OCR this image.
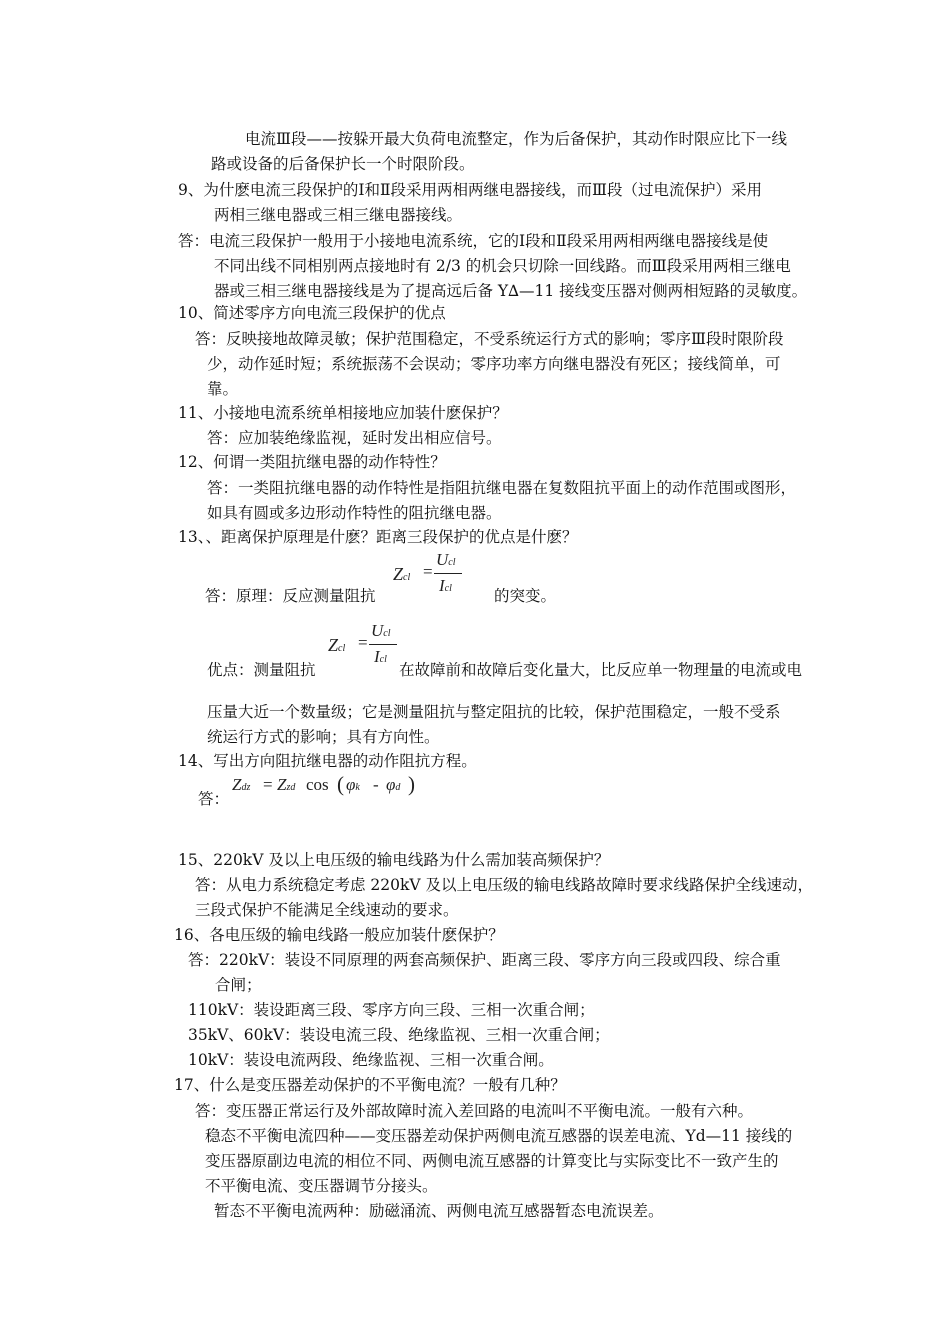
电流Ⅲ段——按躲开最大负荷电流整定，作为后备保护，其动作时限应比下一线
路或设备的后备保护长一个时限阶段。
9、为什麽电流三段保护的Ⅰ和Ⅱ段采用两相两继电器接线，而Ⅲ段（过电流保护）采用
两相三继电器或三相三继电器接线。
答：电流三段保护一般用于小接地电流系统，它的Ⅰ段和Ⅱ段采用两相两继电器接线是使
不同出线不同相别两点接地时有 2/3 的机会只切除一回线路。而Ⅲ段采用两相三继电
器或三相三继电器接线是为了提高远后备 Y∆—11 接线变压器对侧两相短路的灵敏度。
10、简述零序方向电流三段保护的优点
答：反映接地故障灵敏；保护范围稳定，不受系统运行方式的影响；零序Ⅲ段时限阶段
少，动作延时短；系统振荡不会误动；零序功率方向继电器没有死区；接线简单，可
靠。
11、小接地电流系统单相接地应加装什麽保护？
答：应加装绝缘监视，延时发出相应信号。
12、何谓一类阻抗继电器的动作特性？
答：一类阻抗继电器的动作特性是指阻抗继电器在复数阻抗平面上的动作范围或图形，
如具有圆或多边形动作特性的阻抗继电器。
13、、距离保护原理是什麽？距离三段保护的优点是什麽？
答：原理：反应测量阻抗
Zcl =
Ucl
Icl	的突变。
优点：测量阻抗
Zcl =
Ucl
Icl
在故障前和故障后变化量大，比反应单一物理量的电流或电
压量大近一个数量级；它是测量阻抗与整定阻抗的比较，保护范围稳定，一般不受系
统运行方式的影响；具有方向性。
14、写出方向阻抗继电器的动作阻抗方程。
答：
Zdz = Zzd cos ( φk - φd )
15、220kV 及以上电压级的输电线路为什么需加装高频保护？
答：从电力系统稳定考虑 220kV 及以上电压级的输电线路故障时要求线路保护全线速动，
三段式保护不能满足全线速动的要求。
16、各电压级的输电线路一般应加装什麽保护？
答：220kV：装设不同原理的两套高频保护、距离三段、零序方向三段或四段、综合重
合闸；
110kV：装设距离三段、零序方向三段、三相一次重合闸；
35kV、60kV：装设电流三段、绝缘监视、三相一次重合闸；
10kV：装设电流两段、绝缘监视、三相一次重合闸。
17、什么是变压器差动保护的不平衡电流？一般有几种？
答：变压器正常运行及外部故障时流入差回路的电流叫不平衡电流。一般有六种。
稳态不平衡电流四种——变压器差动保护两侧电流互感器的误差电流、Yd—11 接线的
变压器原副边电流的相位不同、两侧电流互感器的计算变比与实际变比不一致产生的
不平衡电流、变压器调节分接头。
暂态不平衡电流两种：励磁涌流、两侧电流互感器暂态电流误差。
